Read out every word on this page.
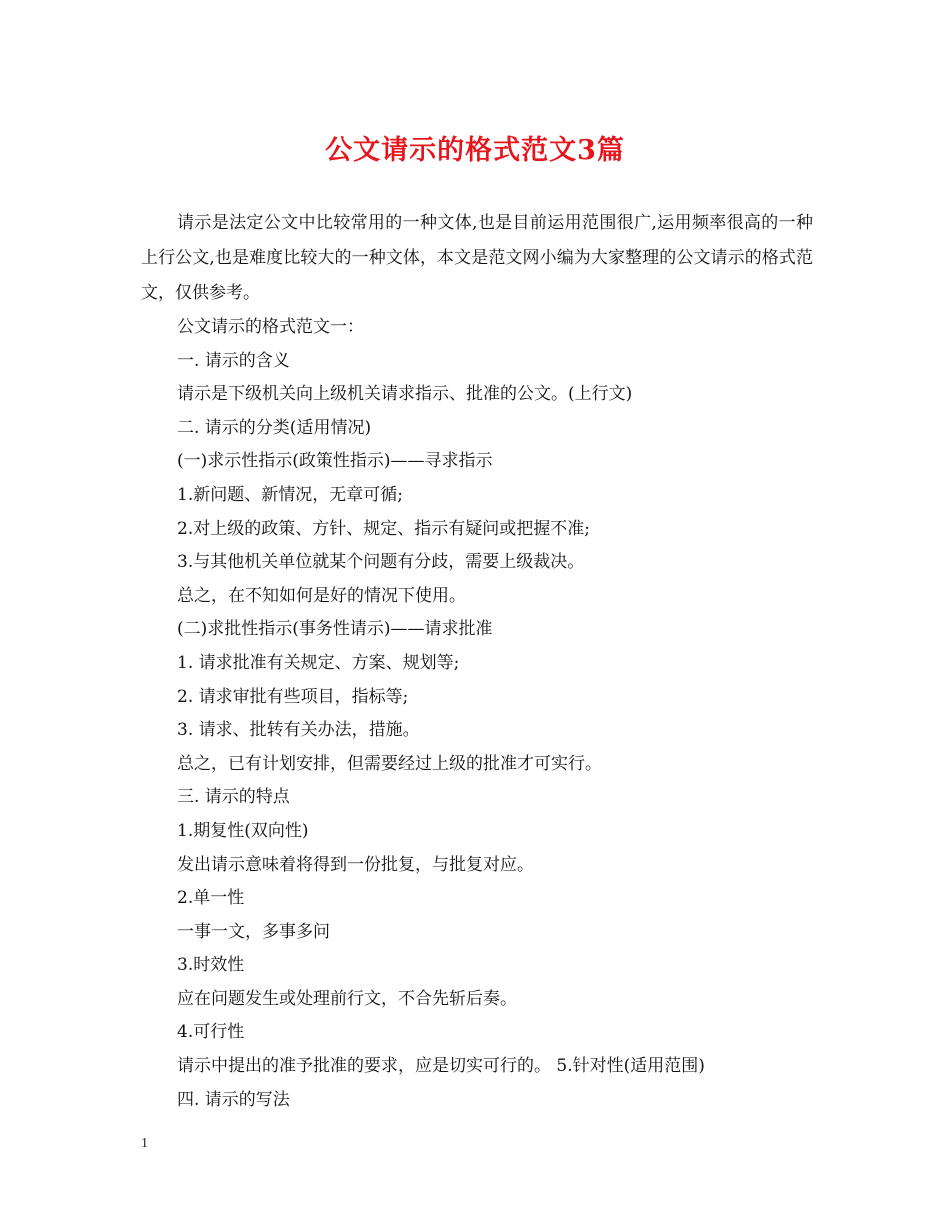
公文请示的格式范文3篇

请示是法定公文中比较常用的一种文体,也是目前运用范围很广,运用频率很高的一种上行公文,也是难度比较大的一种文体，本文是范文网小编为大家整理的公文请示的格式范文，仅供参考。

公文请示的格式范文一：
一. 请示的含义
请示是下级机关向上级机关请求指示、批准的公文。(上行文)
二. 请示的分类(适用情况)
(一)求示性指示(政策性指示)——寻求指示
1.新问题、新情况，无章可循;
2.对上级的政策、方针、规定、指示有疑问或把握不准;
3.与其他机关单位就某个问题有分歧，需要上级裁决。
总之，在不知如何是好的情况下使用。
(二)求批性指示(事务性请示)——请求批准
1. 请求批准有关规定、方案、规划等;
2. 请求审批有些项目，指标等;
3. 请求、批转有关办法，措施。
总之，已有计划安排，但需要经过上级的批准才可实行。
三. 请示的特点
1.期复性(双向性)
发出请示意味着将得到一份批复，与批复对应。
2.单一性
一事一文，多事多问
3.时效性
应在问题发生或处理前行文，不合先斩后奏。
4.可行性
请示中提出的准予批准的要求，应是切实可行的。 5.针对性(适用范围)
四. 请示的写法
1
